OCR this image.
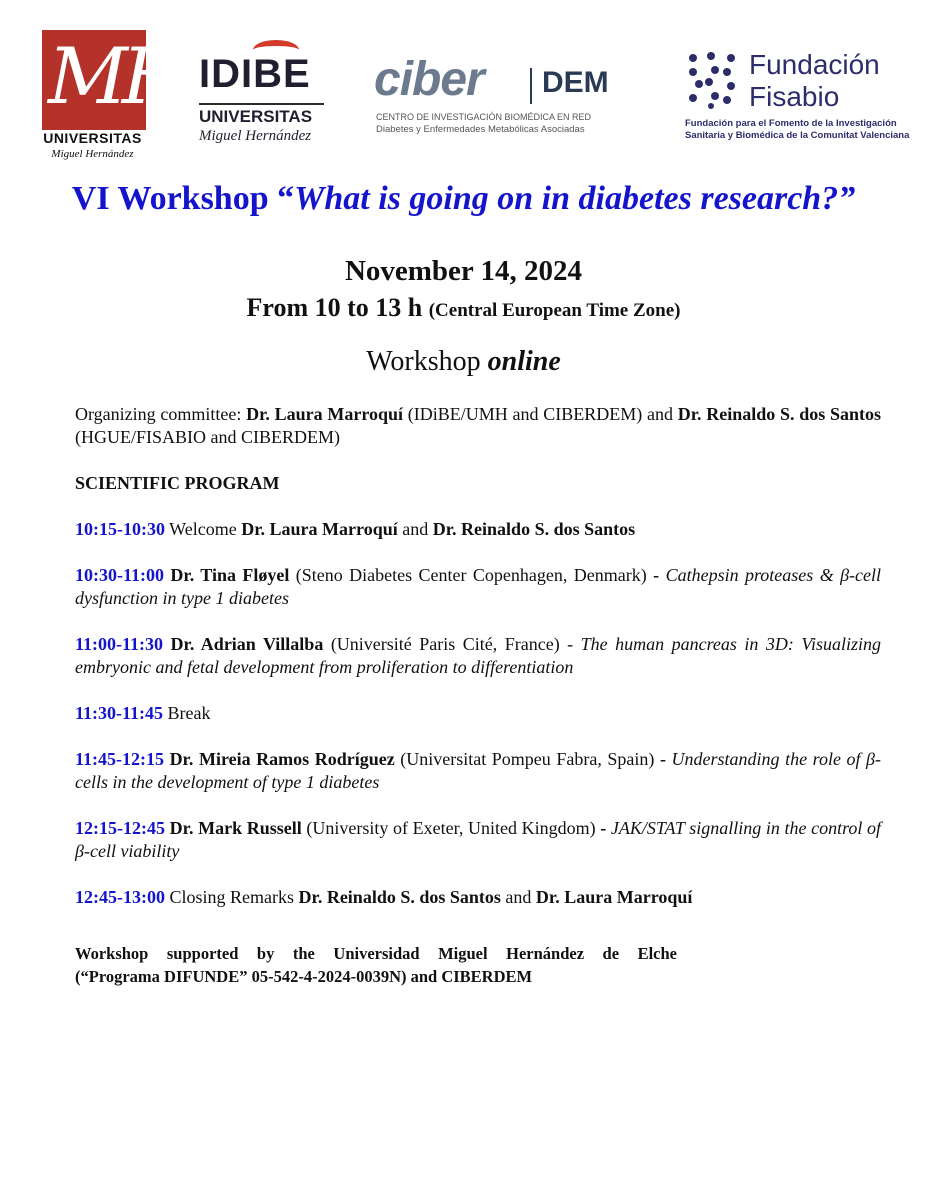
MH
UNIVERSITAS
Miguel Hernández
IDIBE
UNIVERSITAS
Miguel Hernández
ciber DEM
CENTRO DE INVESTIGACIÓN BIOMÉDICA EN RED
Diabetes y Enfermedades Metabólicas Asociadas
Fundación
Fisabio
Fundación para el Fomento de la Investigación
Sanitaria y Biomédica de la Comunitat Valenciana
VI Workshop “What is going on in diabetes research?”
November 14, 2024
From 10 to 13 h (Central European Time Zone)
Workshop online
Organizing committee: Dr. Laura Marroquí (IDiBE/UMH and CIBERDEM) and Dr. Reinaldo S. dos Santos (HGUE/FISABIO and CIBERDEM)
SCIENTIFIC PROGRAM
10:15-10:30 Welcome Dr. Laura Marroquí and Dr. Reinaldo S. dos Santos
10:30-11:00 Dr. Tina Fløyel (Steno Diabetes Center Copenhagen, Denmark) - Cathepsin proteases & β-cell dysfunction in type 1 diabetes
11:00-11:30 Dr. Adrian Villalba (Université Paris Cité, France) - The human pancreas in 3D: Visualizing embryonic and fetal development from proliferation to differentiation
11:30-11:45 Break
11:45-12:15 Dr. Mireia Ramos Rodríguez (Universitat Pompeu Fabra, Spain) - Understanding the role of β-cells in the development of type 1 diabetes
12:15-12:45 Dr. Mark Russell (University of Exeter, United Kingdom) - JAK/STAT signalling in the control of β-cell viability
12:45-13:00 Closing Remarks Dr. Reinaldo S. dos Santos and Dr. Laura Marroquí
Workshop supported by the Universidad Miguel Hernández de Elche
(“Programa DIFUNDE” 05-542-4-2024-0039N) and CIBERDEM
